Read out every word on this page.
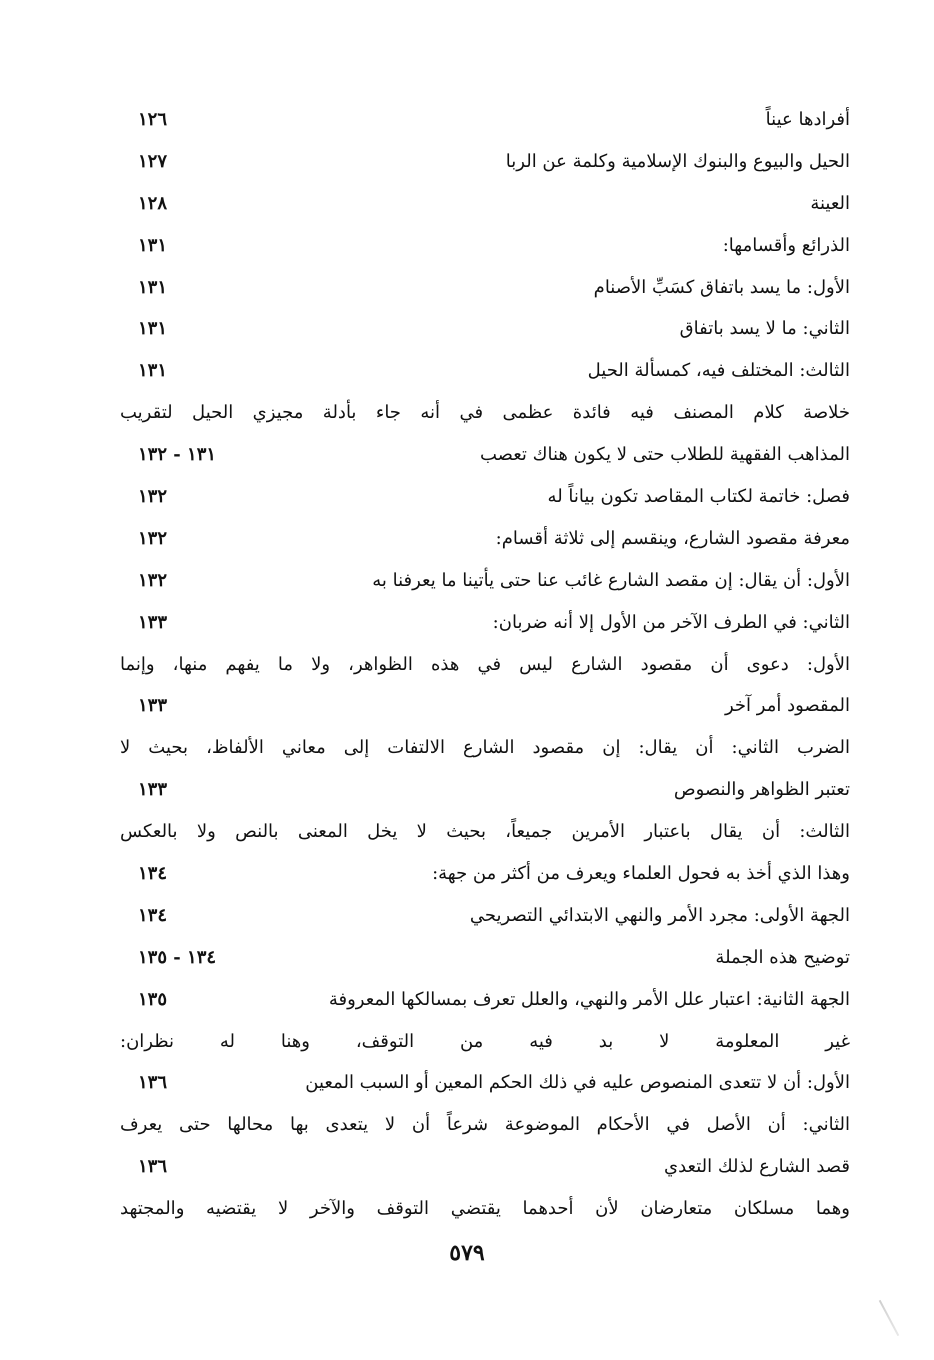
أفرادها عيناً
١٢٦
الحيل والبيوع والبنوك الإسلامية وكلمة عن الربا
١٢٧
العينة
١٢٨
الذرائع وأقسامها:
١٣١
الأول: ما يسد باتفاق كسَبِّ الأصنام
١٣١
الثاني: ما لا يسد باتفاق
١٣١
الثالث: المختلف فيه، كمسألة الحيل
١٣١
خلاصة كلام المصنف فيه فائدة عظمى في أنه جاء بأدلة مجيزي الحيل لتقريب
المذاهب الفقهية للطلاب حتى لا يكون هناك تعصب
١٣١ - ١٣٢
فصل: خاتمة لكتاب المقاصد تكون بياناً له
١٣٢
معرفة مقصود الشارع، وينقسم إلى ثلاثة أقسام:
١٣٢
الأول: أن يقال: إن مقصد الشارع غائب عنا حتى يأتينا ما يعرفنا به
١٣٢
الثاني: في الطرف الآخر من الأول إلا أنه ضربان:
١٣٣
الأول: دعوى أن مقصود الشارع ليس في هذه الظواهر، ولا ما يفهم منها، وإنما
المقصود أمر آخر
١٣٣
الضرب الثاني: أن يقال: إن مقصود الشارع الالتفات إلى معاني الألفاظ، بحيث لا
تعتبر الظواهر والنصوص
١٣٣
الثالث: أن يقال باعتبار الأمرين جميعاً، بحيث لا يخل المعنى بالنص ولا بالعكس
وهذا الذي أخذ به فحول العلماء ويعرف من أكثر من جهة:
١٣٤
الجهة الأولى: مجرد الأمر والنهي الابتدائي التصريحي
١٣٤
توضيح هذه الجملة
١٣٤ - ١٣٥
الجهة الثانية: اعتبار علل الأمر والنهي، والعلل تعرف بمسالكها المعروفة
١٣٥
غير المعلومة لا بد فيه من التوقف، وهنا له نظران:
الأول: أن لا تتعدى المنصوص عليه في ذلك الحكم المعين أو السبب المعين
١٣٦
الثاني: أن الأصل في الأحكام الموضوعة شرعاً أن لا يتعدى بها محالها حتى يعرف
قصد الشارع لذلك التعدي
١٣٦
وهما مسلكان متعارضان لأن أحدهما يقتضي التوقف والآخر لا يقتضيه والمجتهد
٥٧٩
